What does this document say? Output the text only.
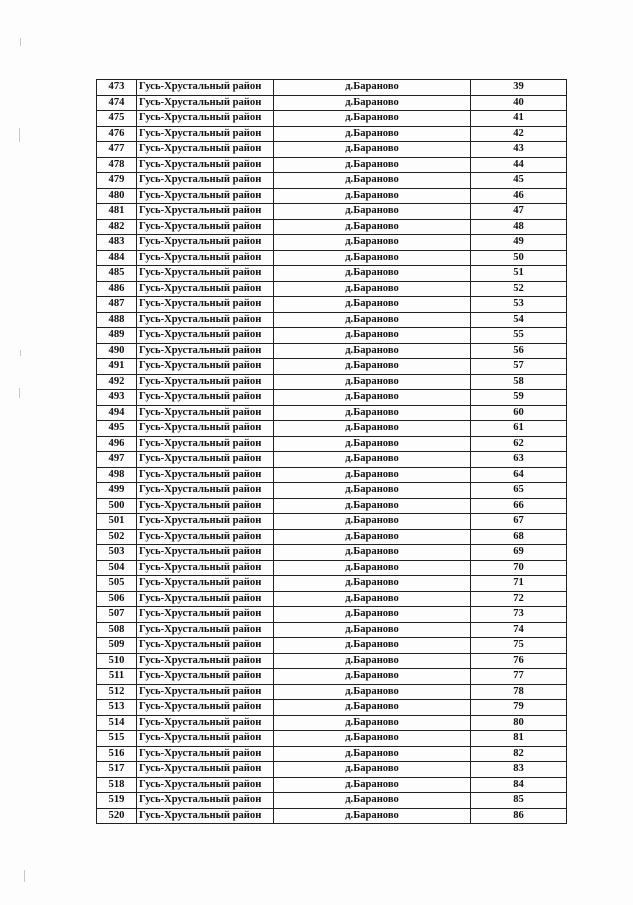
473	Гусь-Хрустальный район	д.Бараново	39
474	Гусь-Хрустальный район	д.Бараново	40
475	Гусь-Хрустальный район	д.Бараново	41
476	Гусь-Хрустальный район	д.Бараново	42
477	Гусь-Хрустальный район	д.Бараново	43
478	Гусь-Хрустальный район	д.Бараново	44
479	Гусь-Хрустальный район	д.Бараново	45
480	Гусь-Хрустальный район	д.Бараново	46
481	Гусь-Хрустальный район	д.Бараново	47
482	Гусь-Хрустальный район	д.Бараново	48
483	Гусь-Хрустальный район	д.Бараново	49
484	Гусь-Хрустальный район	д.Бараново	50
485	Гусь-Хрустальный район	д.Бараново	51
486	Гусь-Хрустальный район	д.Бараново	52
487	Гусь-Хрустальный район	д.Бараново	53
488	Гусь-Хрустальный район	д.Бараново	54
489	Гусь-Хрустальный район	д.Бараново	55
490	Гусь-Хрустальный район	д.Бараново	56
491	Гусь-Хрустальный район	д.Бараново	57
492	Гусь-Хрустальный район	д.Бараново	58
493	Гусь-Хрустальный район	д.Бараново	59
494	Гусь-Хрустальный район	д.Бараново	60
495	Гусь-Хрустальный район	д.Бараново	61
496	Гусь-Хрустальный район	д.Бараново	62
497	Гусь-Хрустальный район	д.Бараново	63
498	Гусь-Хрустальный район	д.Бараново	64
499	Гусь-Хрустальный район	д.Бараново	65
500	Гусь-Хрустальный район	д.Бараново	66
501	Гусь-Хрустальный район	д.Бараново	67
502	Гусь-Хрустальный район	д.Бараново	68
503	Гусь-Хрустальный район	д.Бараново	69
504	Гусь-Хрустальный район	д.Бараново	70
505	Гусь-Хрустальный район	д.Бараново	71
506	Гусь-Хрустальный район	д.Бараново	72
507	Гусь-Хрустальный район	д.Бараново	73
508	Гусь-Хрустальный район	д.Бараново	74
509	Гусь-Хрустальный район	д.Бараново	75
510	Гусь-Хрустальный район	д.Бараново	76
511	Гусь-Хрустальный район	д.Бараново	77
512	Гусь-Хрустальный район	д.Бараново	78
513	Гусь-Хрустальный район	д.Бараново	79
514	Гусь-Хрустальный район	д.Бараново	80
515	Гусь-Хрустальный район	д.Бараново	81
516	Гусь-Хрустальный район	д.Бараново	82
517	Гусь-Хрустальный район	д.Бараново	83
518	Гусь-Хрустальный район	д.Бараново	84
519	Гусь-Хрустальный район	д.Бараново	85
520	Гусь-Хрустальный район	д.Бараново	86
